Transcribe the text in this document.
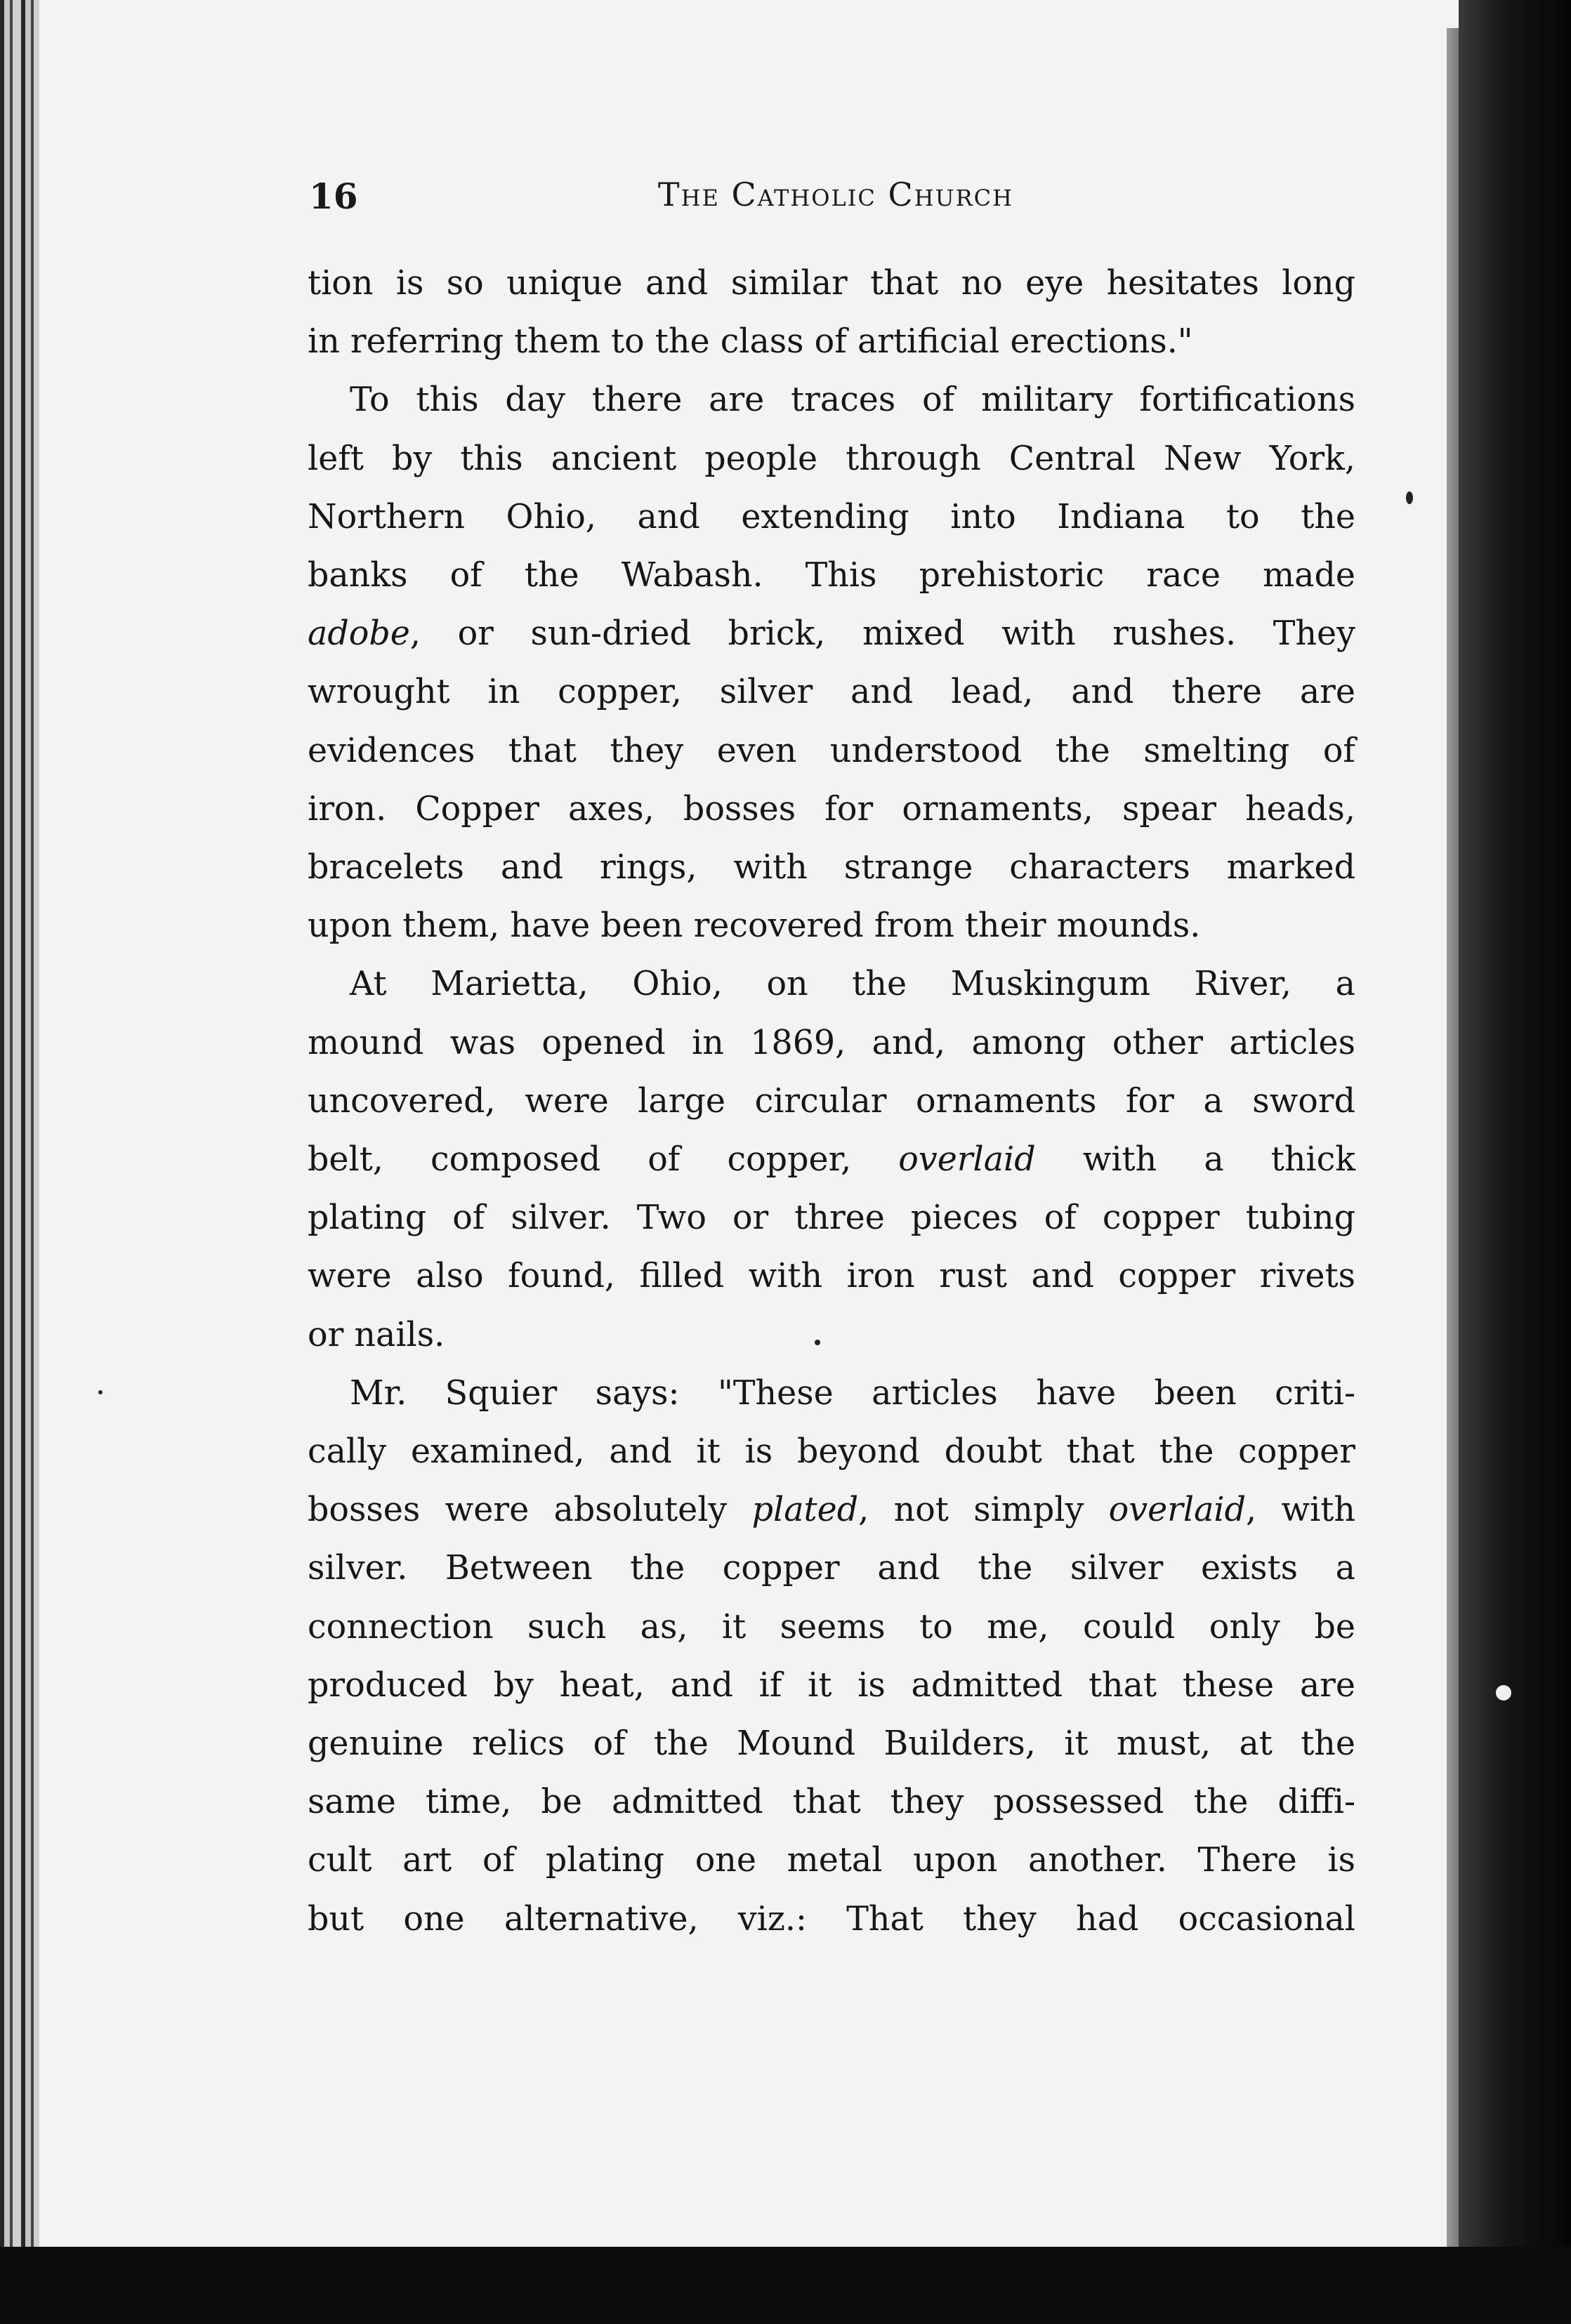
16	The Catholic Church
tion is so unique and similar that no eye hesitates long
in referring them to the class of artificial erections."
To this day there are traces of military fortifications
left by this ancient people through Central New York,
Northern Ohio, and extending into Indiana to the
banks of the Wabash. This prehistoric race made
adobe, or sun-dried brick, mixed with rushes. They
wrought in copper, silver and lead, and there are
evidences that they even understood the smelting of
iron. Copper axes, bosses for ornaments, spear heads,
bracelets and rings, with strange characters marked
upon them, have been recovered from their mounds.
At Marietta, Ohio, on the Muskingum River, a
mound was opened in 1869, and, among other articles
uncovered, were large circular ornaments for a sword
belt, composed of copper, overlaid with a thick
plating of silver. Two or three pieces of copper tubing
were also found, filled with iron rust and copper rivets
or nails.
Mr. Squier says: "These articles have been criti-
cally examined, and it is beyond doubt that the copper
bosses were absolutely plated, not simply overlaid, with
silver. Between the copper and the silver exists a
connection such as, it seems to me, could only be
produced by heat, and if it is admitted that these are
genuine relics of the Mound Builders, it must, at the
same time, be admitted that they possessed the diffi-
cult art of plating one metal upon another. There is
but one alternative, viz.: That they had occasional
